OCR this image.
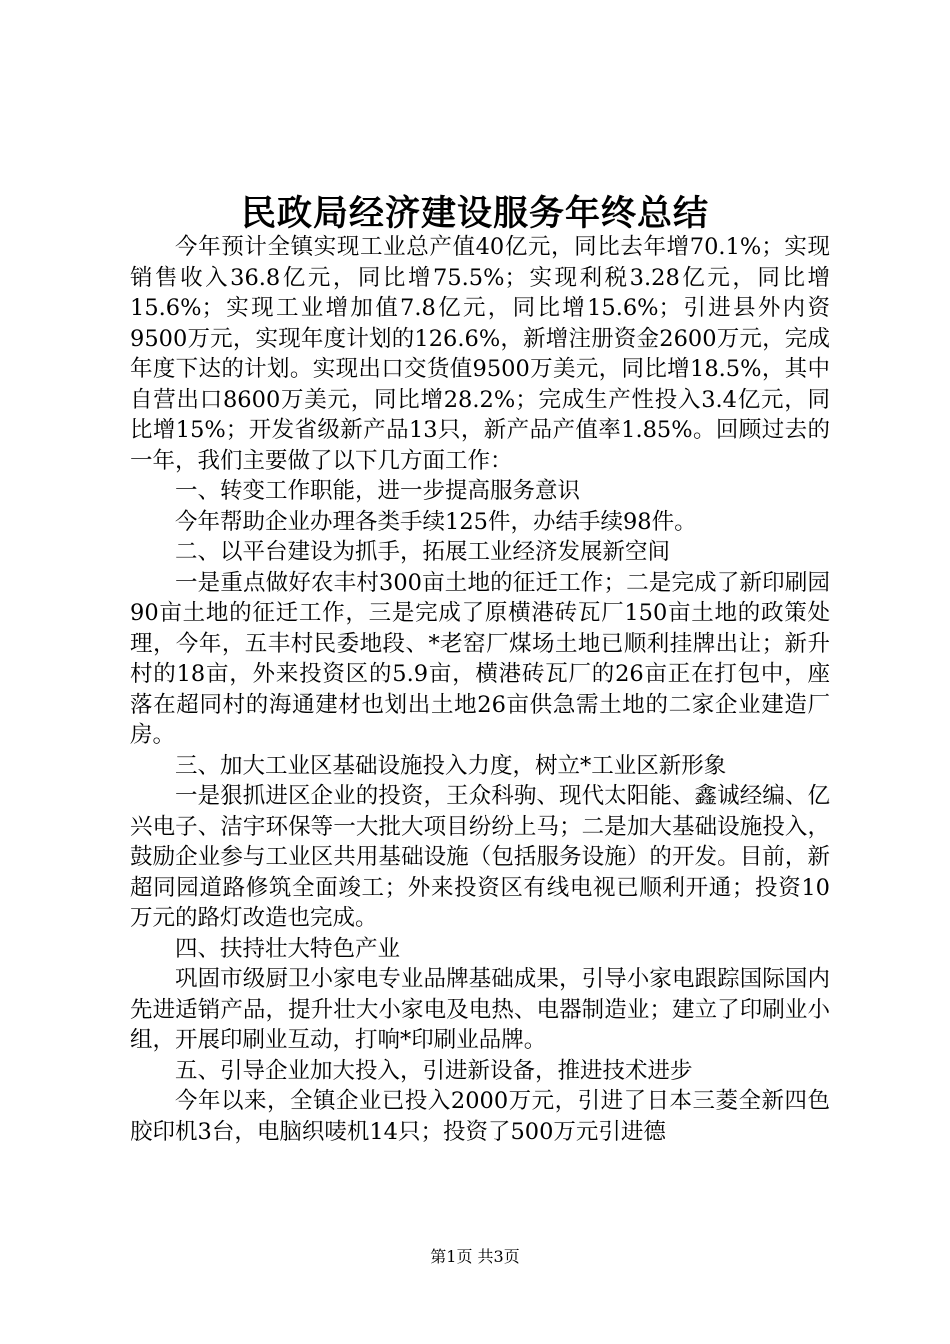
民政局经济建设服务年终总结

今年预计全镇实现工业总产值40亿元，同比去年增70.1%；实现销售收入36.8亿元，同比增75.5%；实现利税3.28亿元，同比增15.6%；实现工业增加值7.8亿元，同比增15.6%；引进县外内资9500万元，实现年度计划的126.6%，新增注册资金2600万元，完成年度下达的计划。实现出口交货值9500万美元，同比增18.5%，其中自营出口8600万美元，同比增28.2%；完成生产性投入3.4亿元，同比增15%；开发省级新产品13只，新产品产值率1.85%。回顾过去的一年，我们主要做了以下几方面工作：

一、转变工作职能，进一步提高服务意识

今年帮助企业办理各类手续125件，办结手续98件。

二、以平台建设为抓手，拓展工业经济发展新空间

一是重点做好农丰村300亩土地的征迁工作；二是完成了新印刷园90亩土地的征迁工作，三是完成了原横港砖瓦厂150亩土地的政策处理，今年，五丰村民委地段、*老窑厂煤场土地已顺利挂牌出让；新升村的18亩，外来投资区的5.9亩，横港砖瓦厂的26亩正在打包中，座落在超同村的海通建材也划出土地26亩供急需土地的二家企业建造厂房。

三、加大工业区基础设施投入力度，树立*工业区新形象

一是狠抓进区企业的投资，王众科驹、现代太阳能、鑫诚经编、亿兴电子、洁宇环保等一大批大项目纷纷上马；二是加大基础设施投入，鼓励企业参与工业区共用基础设施（包括服务设施）的开发。目前，新超同园道路修筑全面竣工；外来投资区有线电视已顺利开通；投资10万元的路灯改造也完成。

四、扶持壮大特色产业

巩固市级厨卫小家电专业品牌基础成果，引导小家电跟踪国际国内先进适销产品，提升壮大小家电及电热、电器制造业；建立了印刷业小组，开展印刷业互动，打响*印刷业品牌。

五、引导企业加大投入，引进新设备，推进技术进步

今年以来，全镇企业已投入2000万元，引进了日本三菱全新四色胶印机3台，电脑织唛机14只；投资了500万元引进德

第1页 共3页
